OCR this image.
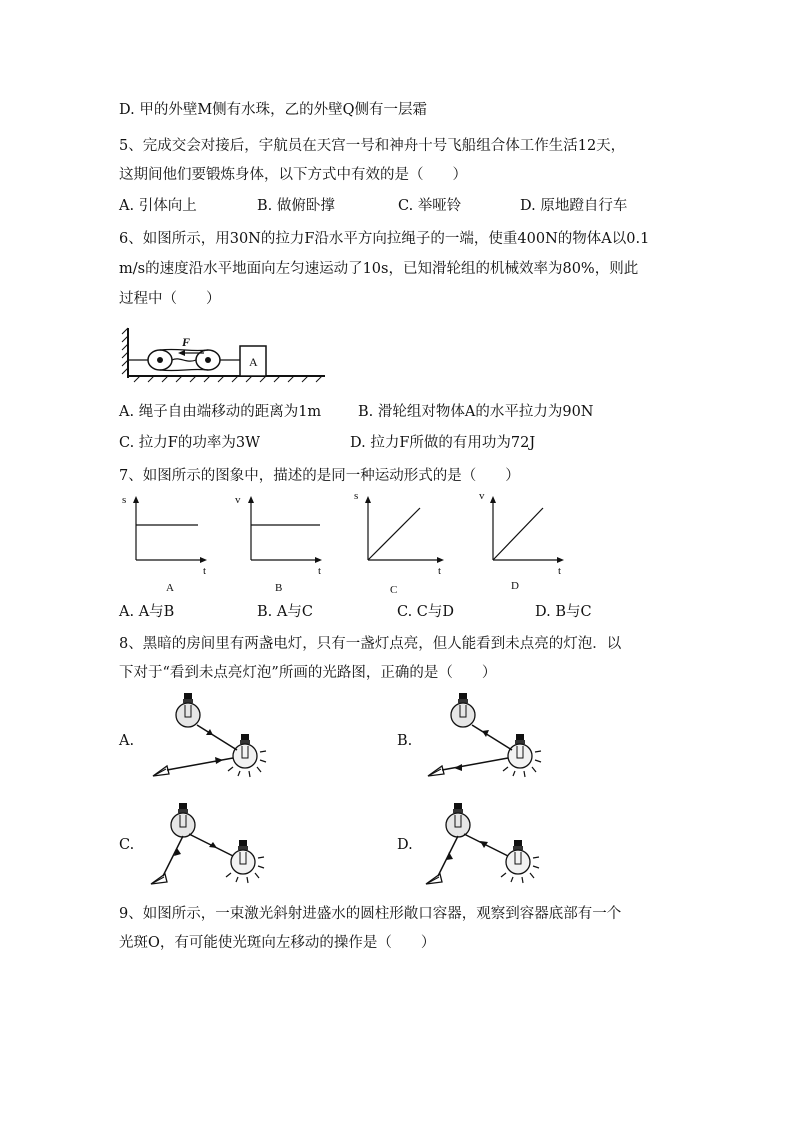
D. 甲的外壁M侧有水珠，乙的外壁Q侧有一层霜
5、完成交会对接后，宇航员在天宫一号和神舟十号飞船组合体工作生活12天，
这期间他们要锻炼身体，以下方式中有效的是（　　）
A. 引体向上	B. 做俯卧撑	C. 举哑铃	D. 原地蹬自行车
6、如图所示，用30N的拉力F沿水平方向拉绳子的一端，使重400N的物体A以0.1
m/s的速度沿水平地面向左匀速运动了10s，已知滑轮组的机械效率为80%，则此
过程中（　　）
F
A
A. 绳子自由端移动的距离为1m	B. 滑轮组对物体A的水平拉力为90N
C. 拉力F的功率为3W	D. 拉力F所做的有用功为72J
7、如图所示的图象中，描述的是同一种运动形式的是（　　）
s
t
A
v
t
B
s
t
C
v
t
D
A. A与B	B. A与C	C. C与D	D. B与C
8、黑暗的房间里有两盏电灯，只有一盏灯点亮，但人能看到未点亮的灯泡．以
下对于“看到未点亮灯泡”所画的光路图，正确的是（　　）
A.	B.
C.	D.
9、如图所示，一束激光斜射进盛水的圆柱形敞口容器，观察到容器底部有一个
光斑O，有可能使光斑向左移动的操作是（　　）
